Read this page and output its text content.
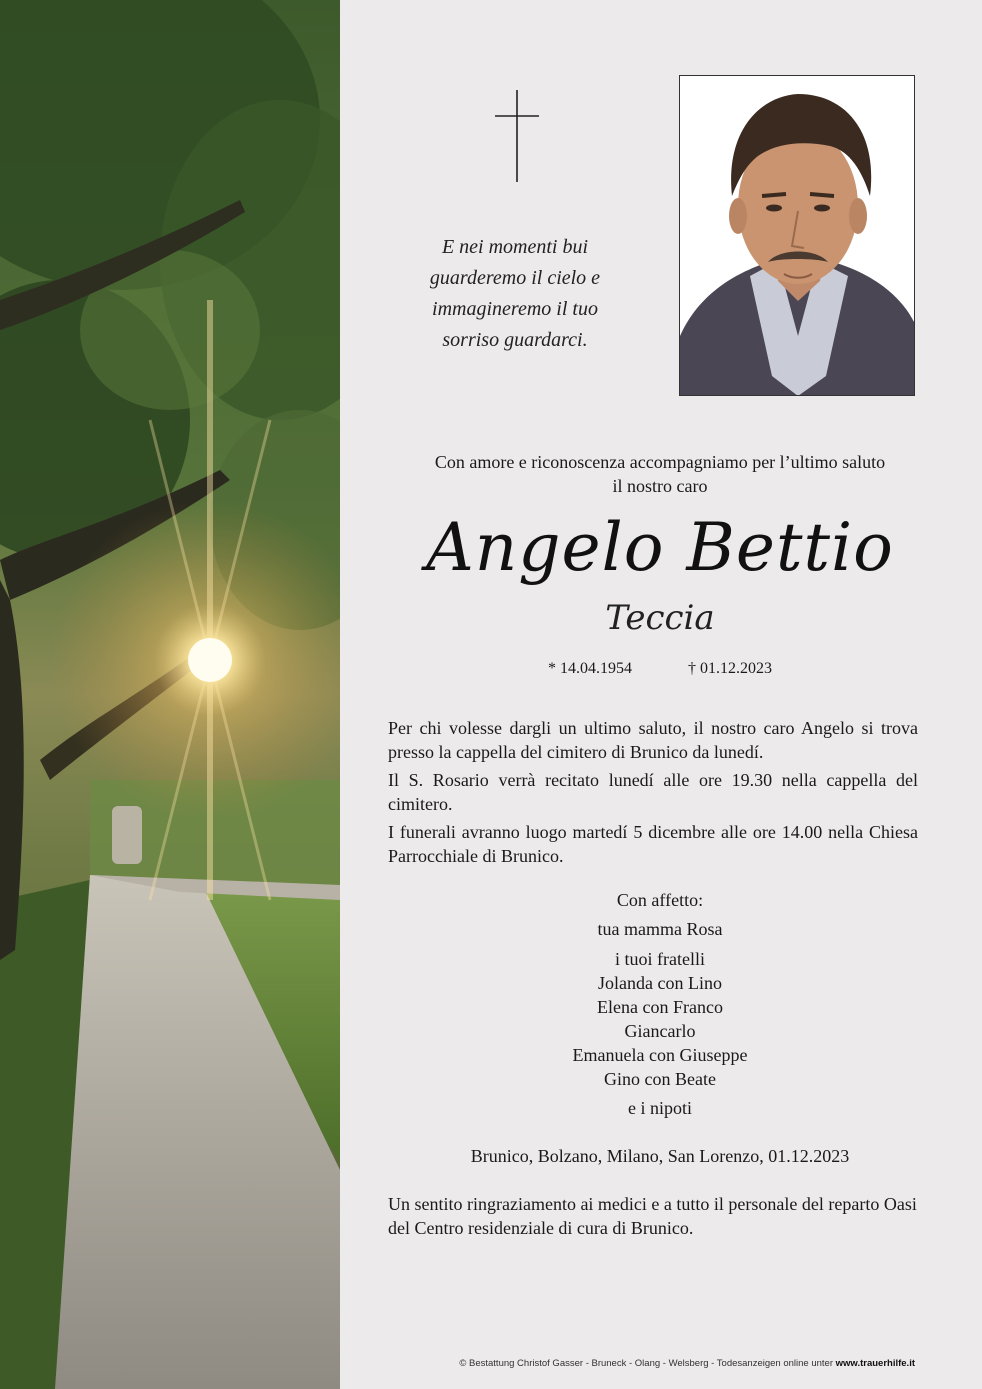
E nei momenti bui
guarderemo il cielo e
immagineremo il tuo
sorriso guardarci.
Con amore e riconoscenza accompagniamo per l’ultimo saluto
il nostro caro
Angelo Bettio
Teccia
* 14.04.1954	† 01.12.2023

Per chi volesse dargli un ultimo saluto, il nostro caro Angelo si trova presso la cappella del cimitero di Brunico da lunedí.

Il S. Rosario verrà recitato lunedí alle ore 19.30 nella cappella del cimitero.

I funerali avranno luogo martedí 5 dicembre alle ore 14.00 nella Chiesa Parrocchiale di Brunico.

Con affetto:
tua mamma Rosa
i tuoi fratelli
Jolanda con Lino
Elena con Franco
Giancarlo
Emanuela con Giuseppe
Gino con Beate
e i nipoti
Brunico, Bolzano, Milano, San Lorenzo, 01.12.2023
Un sentito ringraziamento ai medici e a tutto il personale del reparto Oasi del Centro residenziale di cura di Brunico.
© Bestattung Christof Gasser - Bruneck - Olang - Welsberg - Todesanzeigen online unter www.trauerhilfe.it
